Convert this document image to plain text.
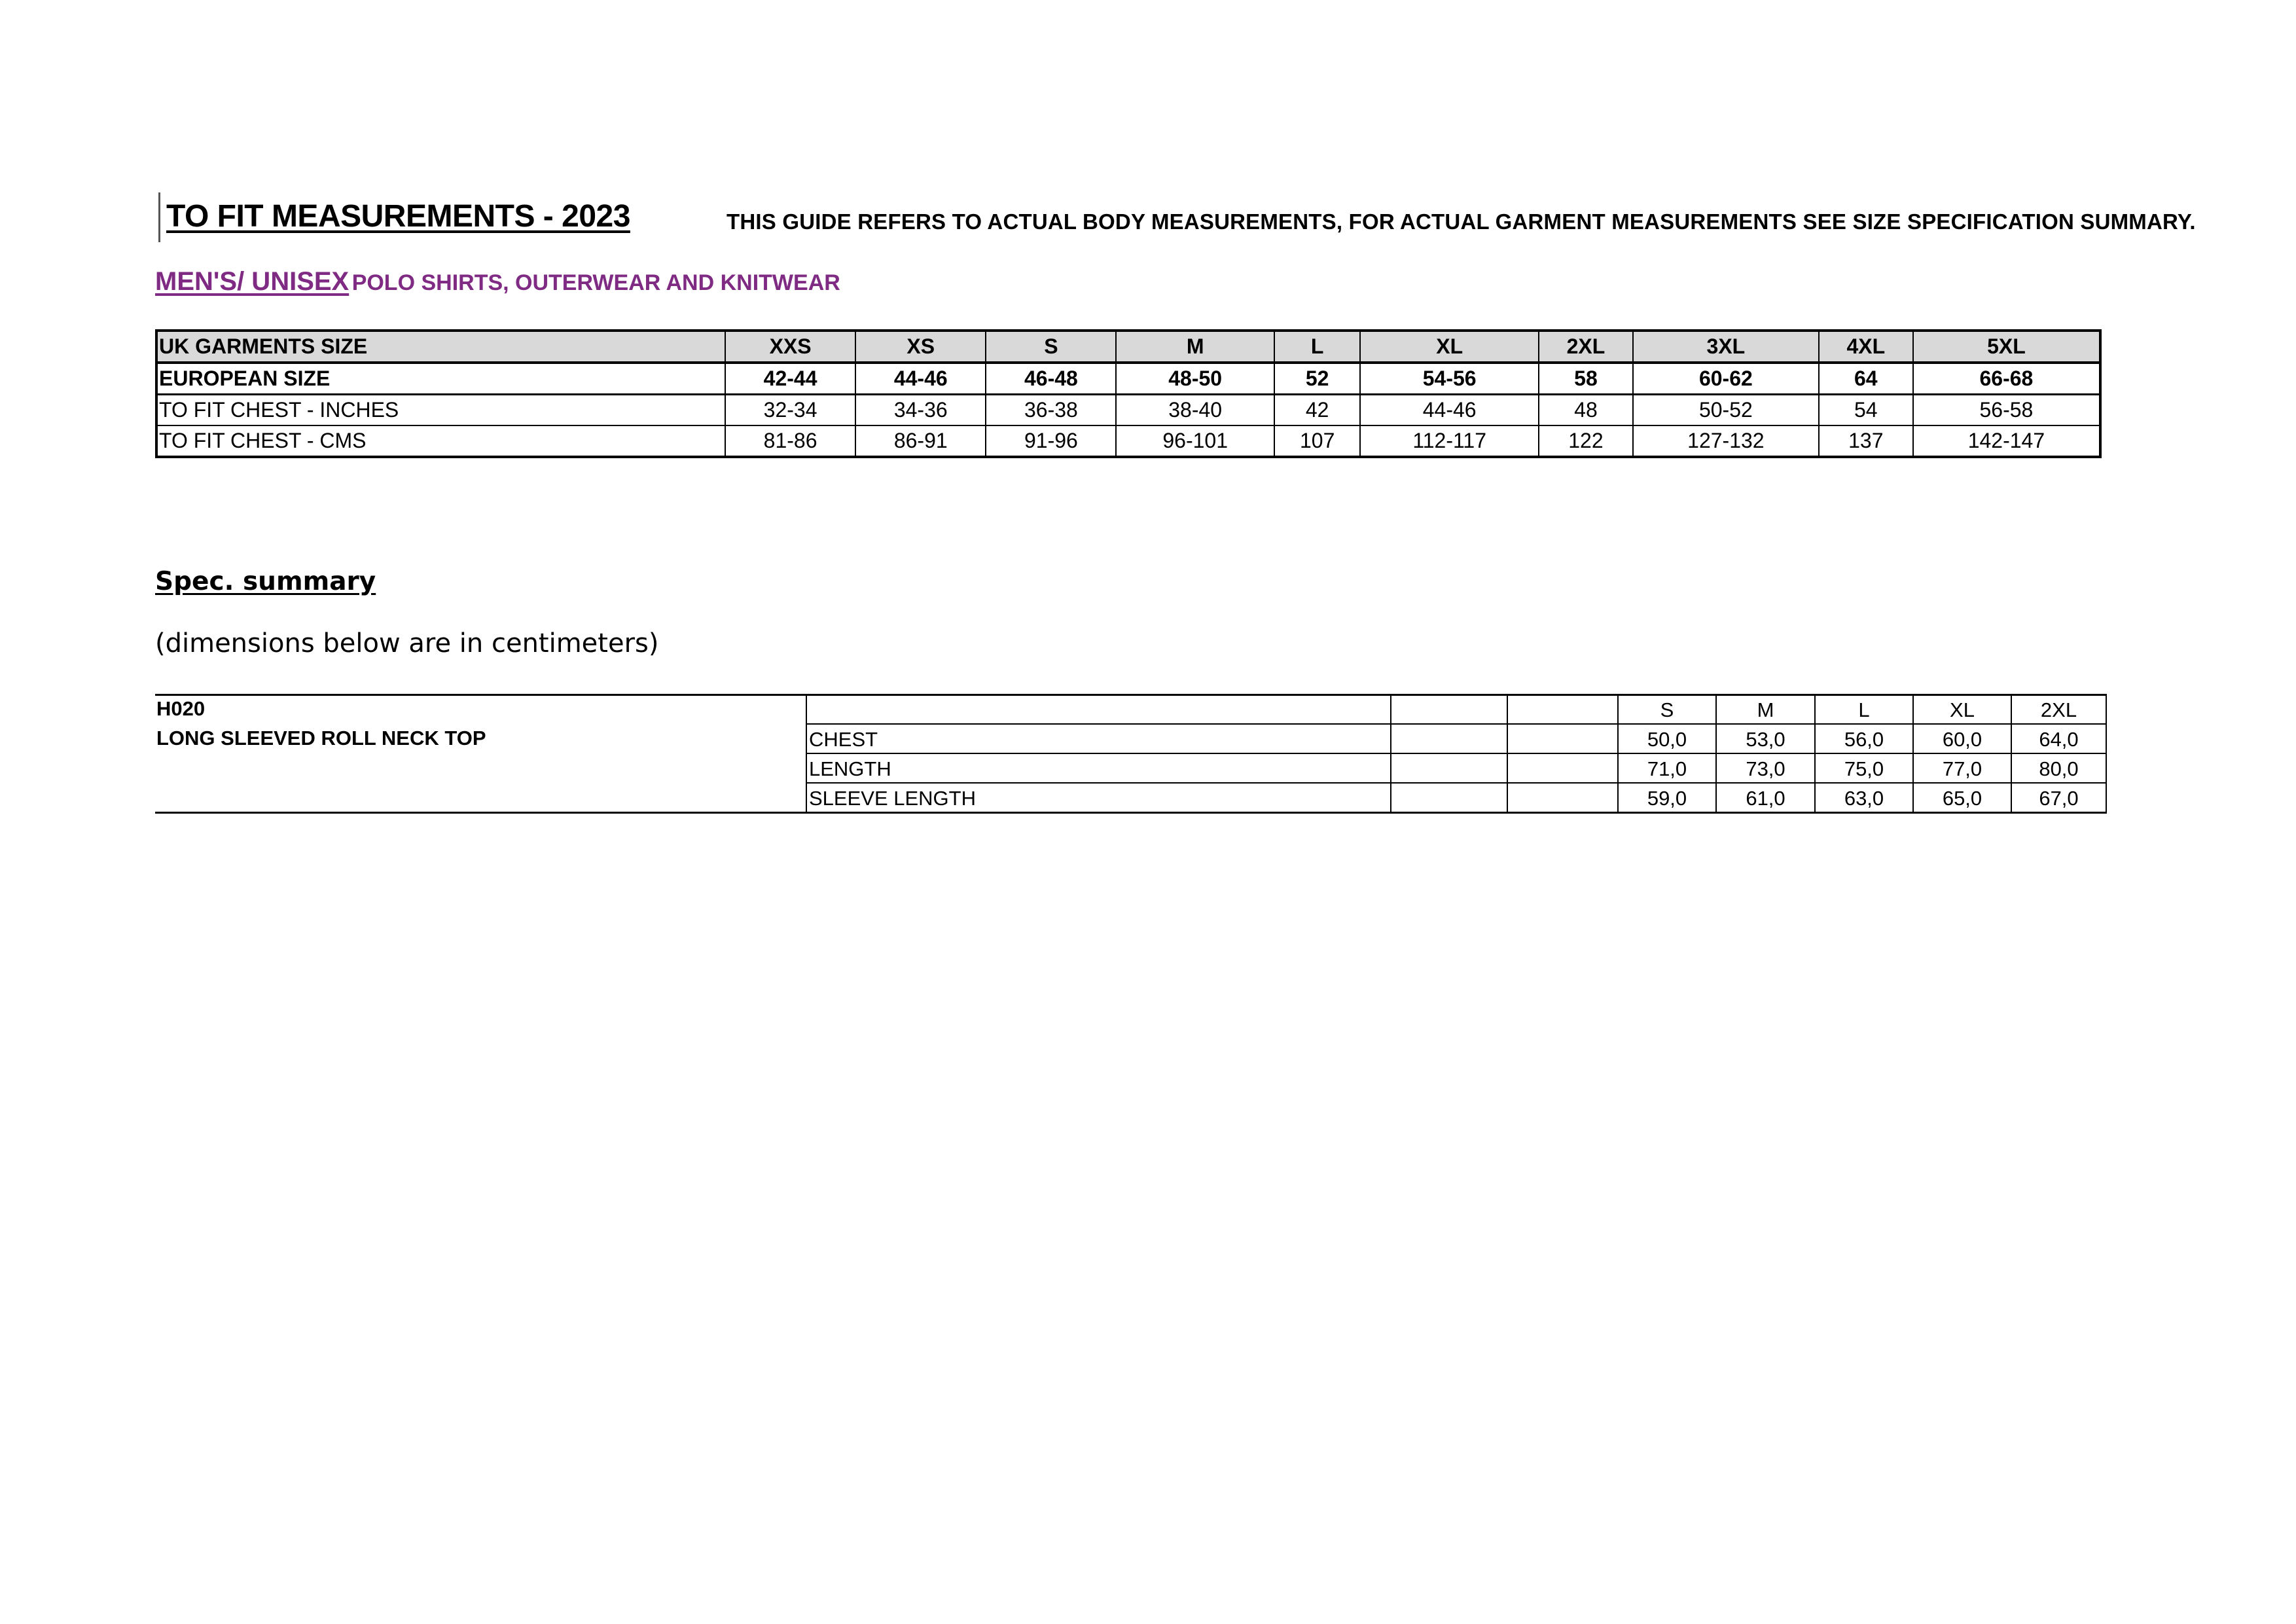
TO FIT MEASUREMENTS - 2023	THIS GUIDE REFERS TO ACTUAL BODY MEASUREMENTS, FOR ACTUAL GARMENT MEASUREMENTS SEE SIZE SPECIFICATION SUMMARY.
MEN'S/ UNISEX POLO SHIRTS, OUTERWEAR AND KNITWEAR
UK GARMENTS SIZE	XXS	XS	S	M	L	XL	2XL	3XL	4XL	5XL
EUROPEAN SIZE	42-44	44-46	46-48	48-50	52	54-56	58	60-62	64	66-68
TO FIT CHEST - INCHES	32-34	34-36	36-38	38-40	42	44-46	48	50-52	54	56-58
TO FIT CHEST - CMS	81-86	86-91	91-96	96-101	107	112-117	122	127-132	137	142-147
Spec. summary
(dimensions below are in centimeters)
H020
LONG SLEEVED ROLL NECK TOP
S	M	L	XL	2XL
CHEST	50,0	53,0	56,0	60,0	64,0
LENGTH	71,0	73,0	75,0	77,0	80,0
SLEEVE LENGTH	59,0	61,0	63,0	65,0	67,0
